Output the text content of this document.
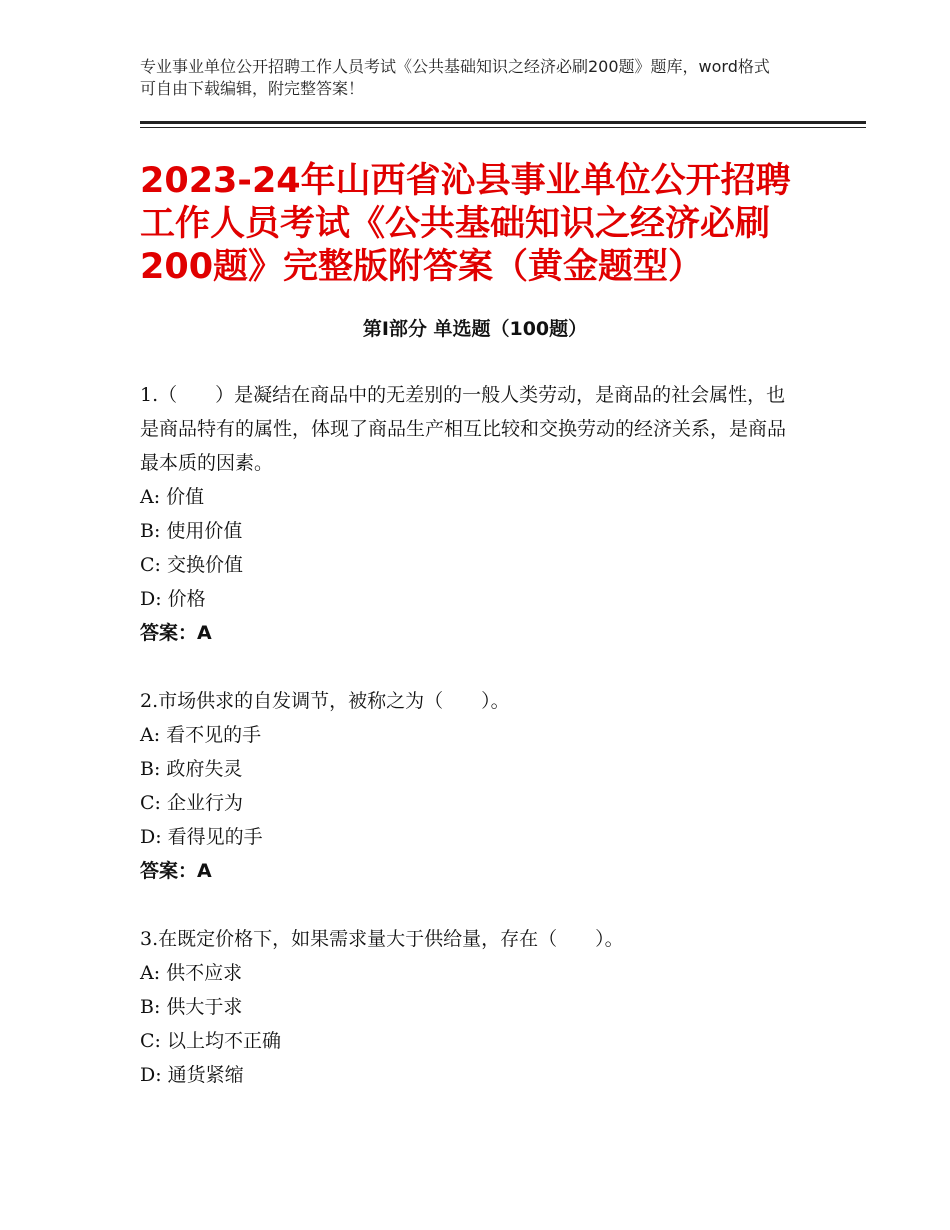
专业事业单位公开招聘工作人员考试《公共基础知识之经济必刷200题》题库，word格式可自由下载编辑，附完整答案！
2023-24年山西省沁县事业单位公开招聘工作人员考试《公共基础知识之经济必刷200题》完整版附答案（黄金题型）
第Ⅰ部分 单选题（100题）

1.（　　）是凝结在商品中的无差别的一般人类劳动，是商品的社会属性，也是商品特有的属性，体现了商品生产相互比较和交换劳动的经济关系，是商品最本质的因素。

A: 价值

B: 使用价值

C: 交换价值

D: 价格

答案：A

2.市场供求的自发调节，被称之为（　　）。

A: 看不见的手

B: 政府失灵

C: 企业行为

D: 看得见的手

答案：A

3.在既定价格下，如果需求量大于供给量，存在（　　）。

A: 供不应求

B: 供大于求

C: 以上均不正确

D: 通货紧缩
